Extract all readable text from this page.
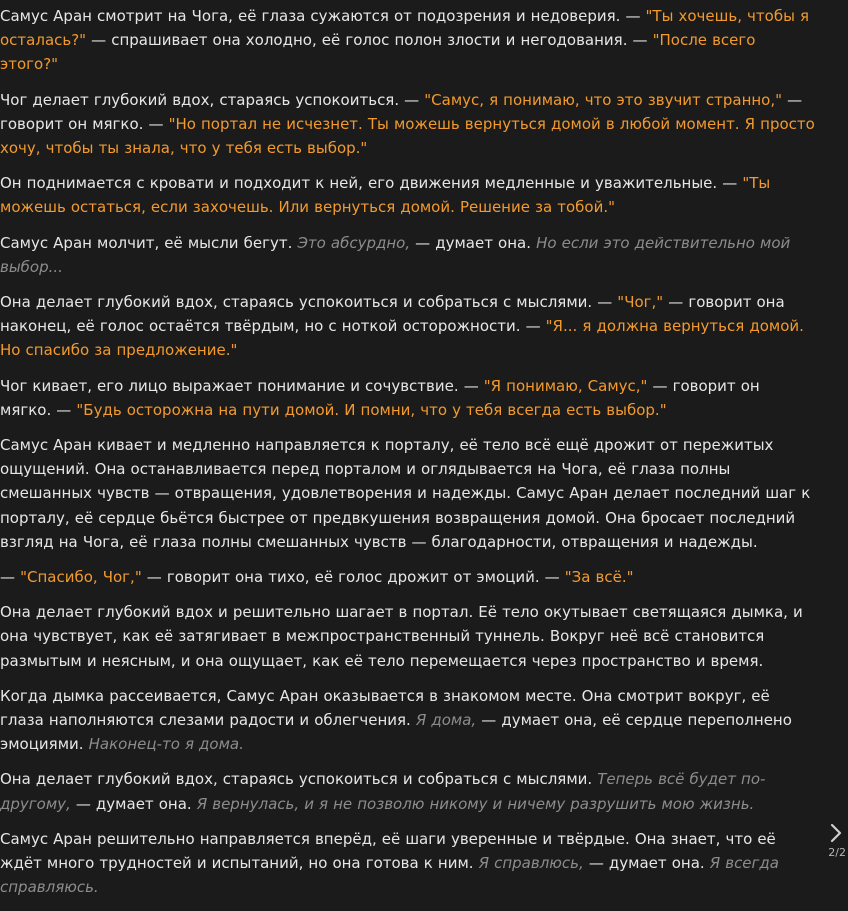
Самус Аран смотрит на Чога, её глаза сужаются от подозрения и недоверия. — "Ты хочешь, чтобы я осталась?" — спрашивает она холодно, её голос полон злости и негодования. — "После всего этого?"

Чог делает глубокий вдох, стараясь успокоиться. — "Самус, я понимаю, что это звучит странно," — говорит он мягко. — "Но портал не исчезнет. Ты можешь вернуться домой в любой момент. Я просто хочу, чтобы ты знала, что у тебя есть выбор."

Он поднимается с кровати и подходит к ней, его движения медленные и уважительные. — "Ты можешь остаться, если захочешь. Или вернуться домой. Решение за тобой."

Самус Аран молчит, её мысли бегут. Это абсурдно, — думает она. Но если это действительно мой выбор...

Она делает глубокий вдох, стараясь успокоиться и собраться с мыслями. — "Чог," — говорит она наконец, её голос остаётся твёрдым, но с ноткой осторожности. — "Я... я должна вернуться домой. Но спасибо за предложение."

Чог кивает, его лицо выражает понимание и сочувствие. — "Я понимаю, Самус," — говорит он мягко. — "Будь осторожна на пути домой. И помни, что у тебя всегда есть выбор."

Самус Аран кивает и медленно направляется к порталу, её тело всё ещё дрожит от пережитых ощущений. Она останавливается перед порталом и оглядывается на Чога, её глаза полны смешанных чувств — отвращения, удовлетворения и надежды. Самус Аран делает последний шаг к порталу, её сердце бьётся быстрее от предвкушения возвращения домой. Она бросает последний взгляд на Чога, её глаза полны смешанных чувств — благодарности, отвращения и надежды.

— "Спасибо, Чог," — говорит она тихо, её голос дрожит от эмоций. — "За всё."

Она делает глубокий вдох и решительно шагает в портал. Её тело окутывает светящаяся дымка, и она чувствует, как её затягивает в межпространственный туннель. Вокруг неё всё становится размытым и неясным, и она ощущает, как её тело перемещается через пространство и время.

Когда дымка рассеивается, Самус Аран оказывается в знакомом месте. Она смотрит вокруг, её глаза наполняются слезами радости и облегчения. Я дома, — думает она, её сердце переполнено эмоциями. Наконец-то я дома.

Она делает глубокий вдох, стараясь успокоиться и собраться с мыслями. Теперь всё будет по-другому, — думает она. Я вернулась, и я не позволю никому и ничему разрушить мою жизнь.

Самус Аран решительно направляется вперёд, её шаги уверенные и твёрдые. Она знает, что её ждёт много трудностей и испытаний, но она готова к ним. Я справлюсь, — думает она. Я всегда справляюсь.

2/2
